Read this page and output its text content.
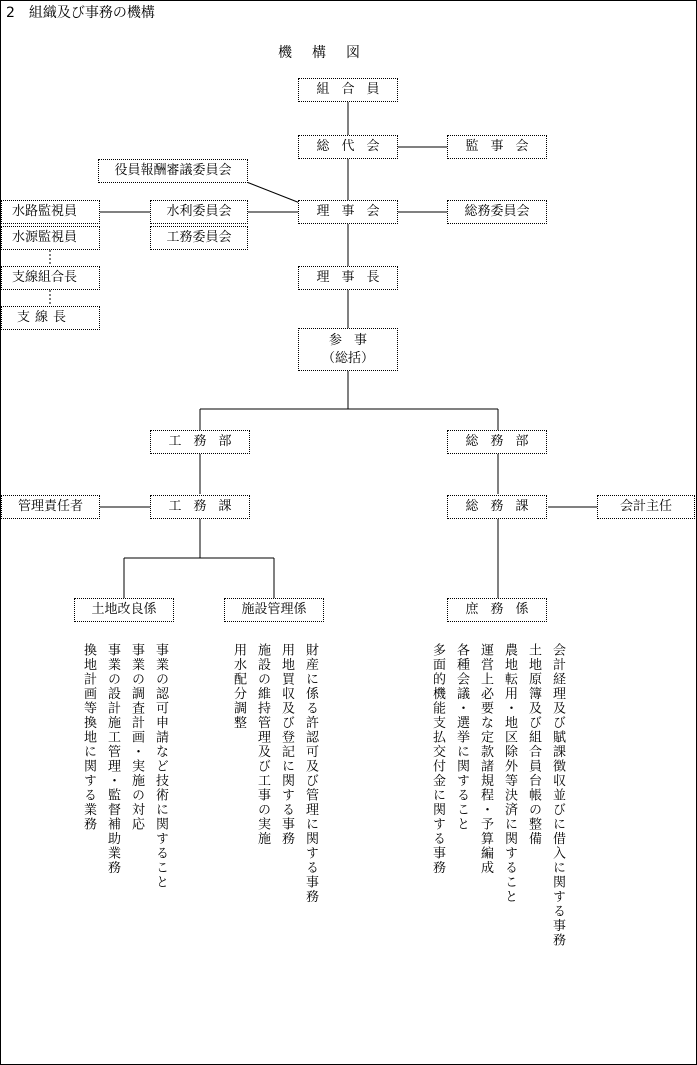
2　組織及び事務の機構
機構図
組合員
総代会	監事会
役員報酬審議委員会
理事会	総務委員会
水利委員会
工務委員会
水路監視員
水源監視員
支線組合長
支線長
理事長
参事
（総括）
工務部	総務部
管理責任者	工務課	総務課	会計主任
土地改良係	施設管理係	庶務係
事業の認可申請など技術に関すること
事業の調査計画・実施の対応
事業の設計施工管理・監督補助業務
換地計画等換地に関する業務	財産に係る許認可及び管理に関する事務
用地買収及び登記に関する事務
施設の維持管理及び工事の実施
用水配分調整	会計経理及び賦課徴収並びに借入に関する事務
土地原簿及び組合員台帳の整備
農地転用・地区除外等決済に関すること
運営上必要な定款諸規程・予算編成
各種会議・選挙に関すること
多面的機能支払交付金に関する事務
